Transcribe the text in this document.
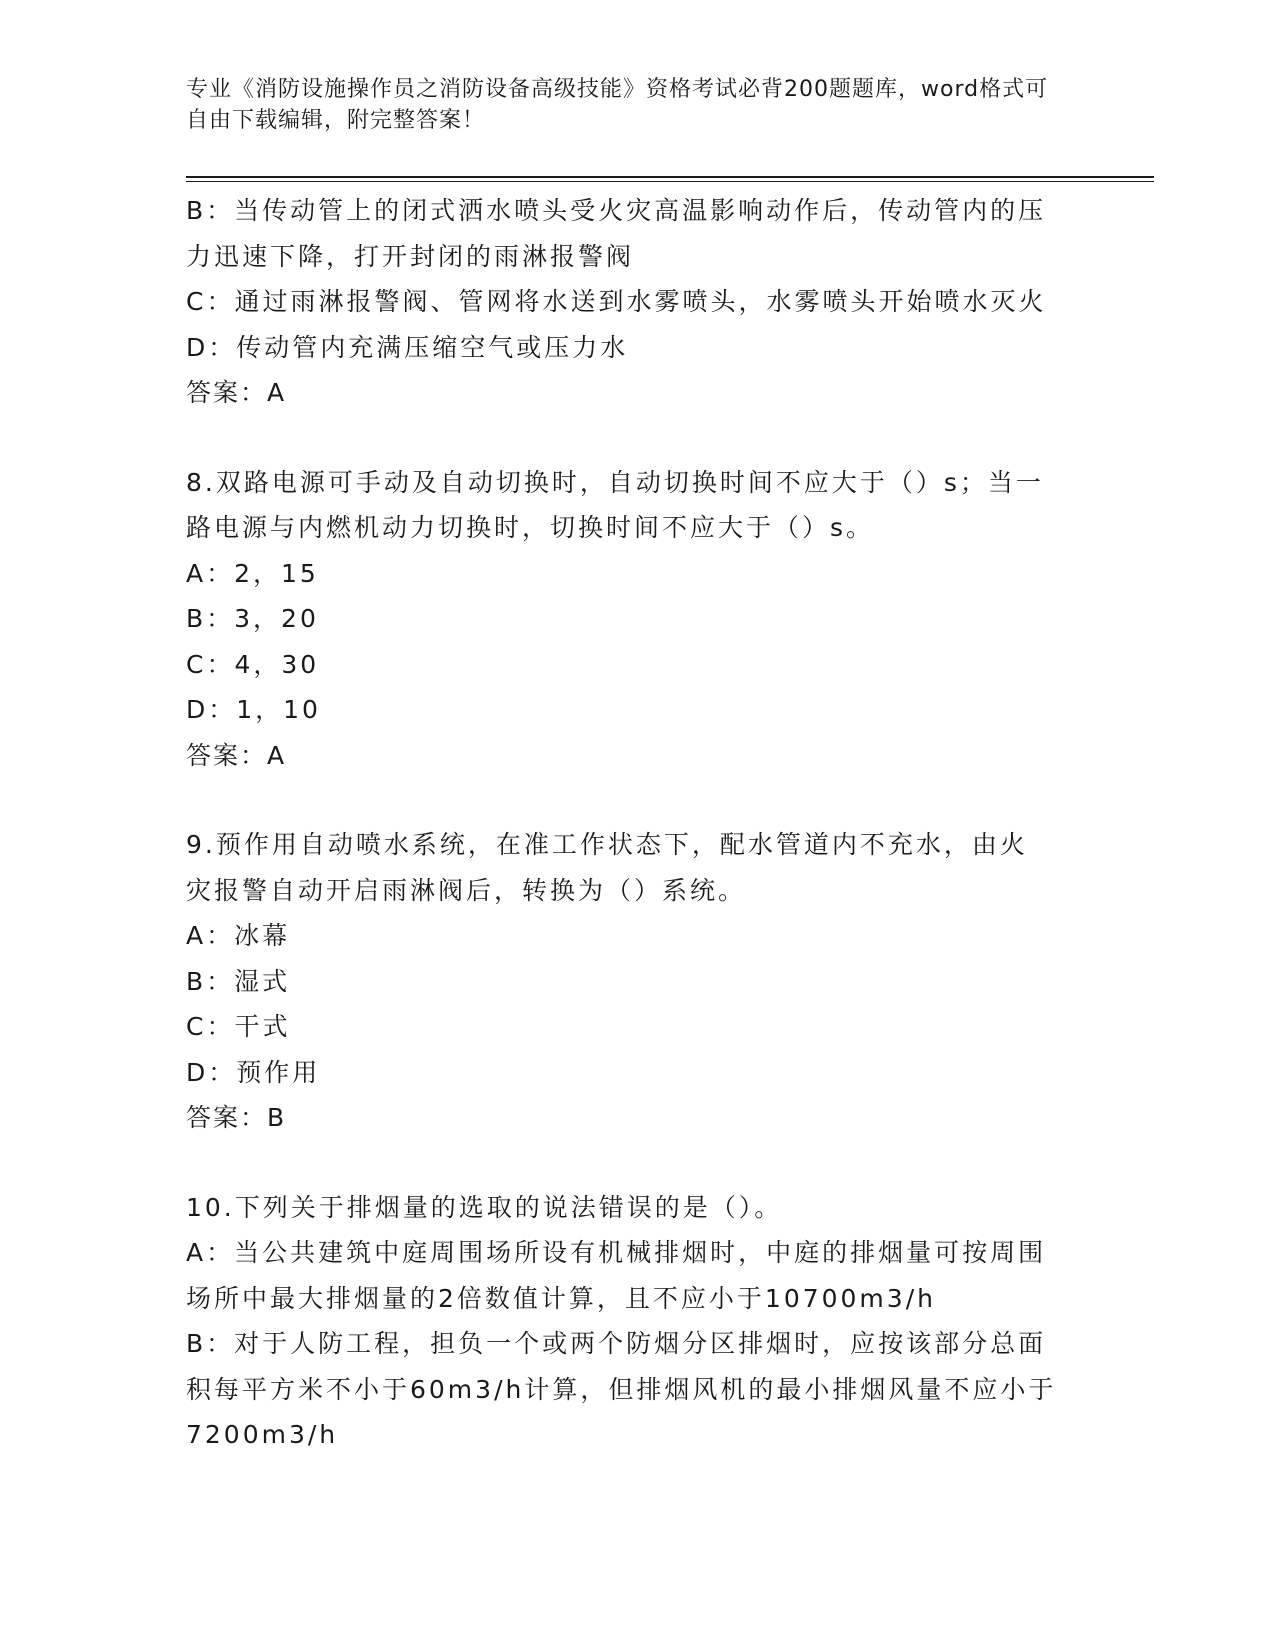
专业《消防设施操作员之消防设备高级技能》资格考试必背200题题库，word格式可自由下载编辑，附完整答案！
B：当传动管上的闭式洒水喷头受火灾高温影响动作后，传动管内的压
力迅速下降，打开封闭的雨淋报警阀
C：通过雨淋报警阀、管网将水送到水雾喷头，水雾喷头开始喷水灭火
D：传动管内充满压缩空气或压力水
答案：A
8.双路电源可手动及自动切换时，自动切换时间不应大于（）s；当一
路电源与内燃机动力切换时，切换时间不应大于（）s。
A：2，15
B：3，20
C：4，30
D：1，10
答案：A
9.预作用自动喷水系统，在准工作状态下，配水管道内不充水，由火
灾报警自动开启雨淋阀后，转换为（）系统。
A：冰幕
B：湿式
C：干式
D：预作用
答案：B
10.下列关于排烟量的选取的说法错误的是（）。
A：当公共建筑中庭周围场所设有机械排烟时，中庭的排烟量可按周围
场所中最大排烟量的2倍数值计算，且不应小于10700m3/h
B：对于人防工程，担负一个或两个防烟分区排烟时，应按该部分总面
积每平方米不小于60m3/h计算，但排烟风机的最小排烟风量不应小于
7200m3/h
